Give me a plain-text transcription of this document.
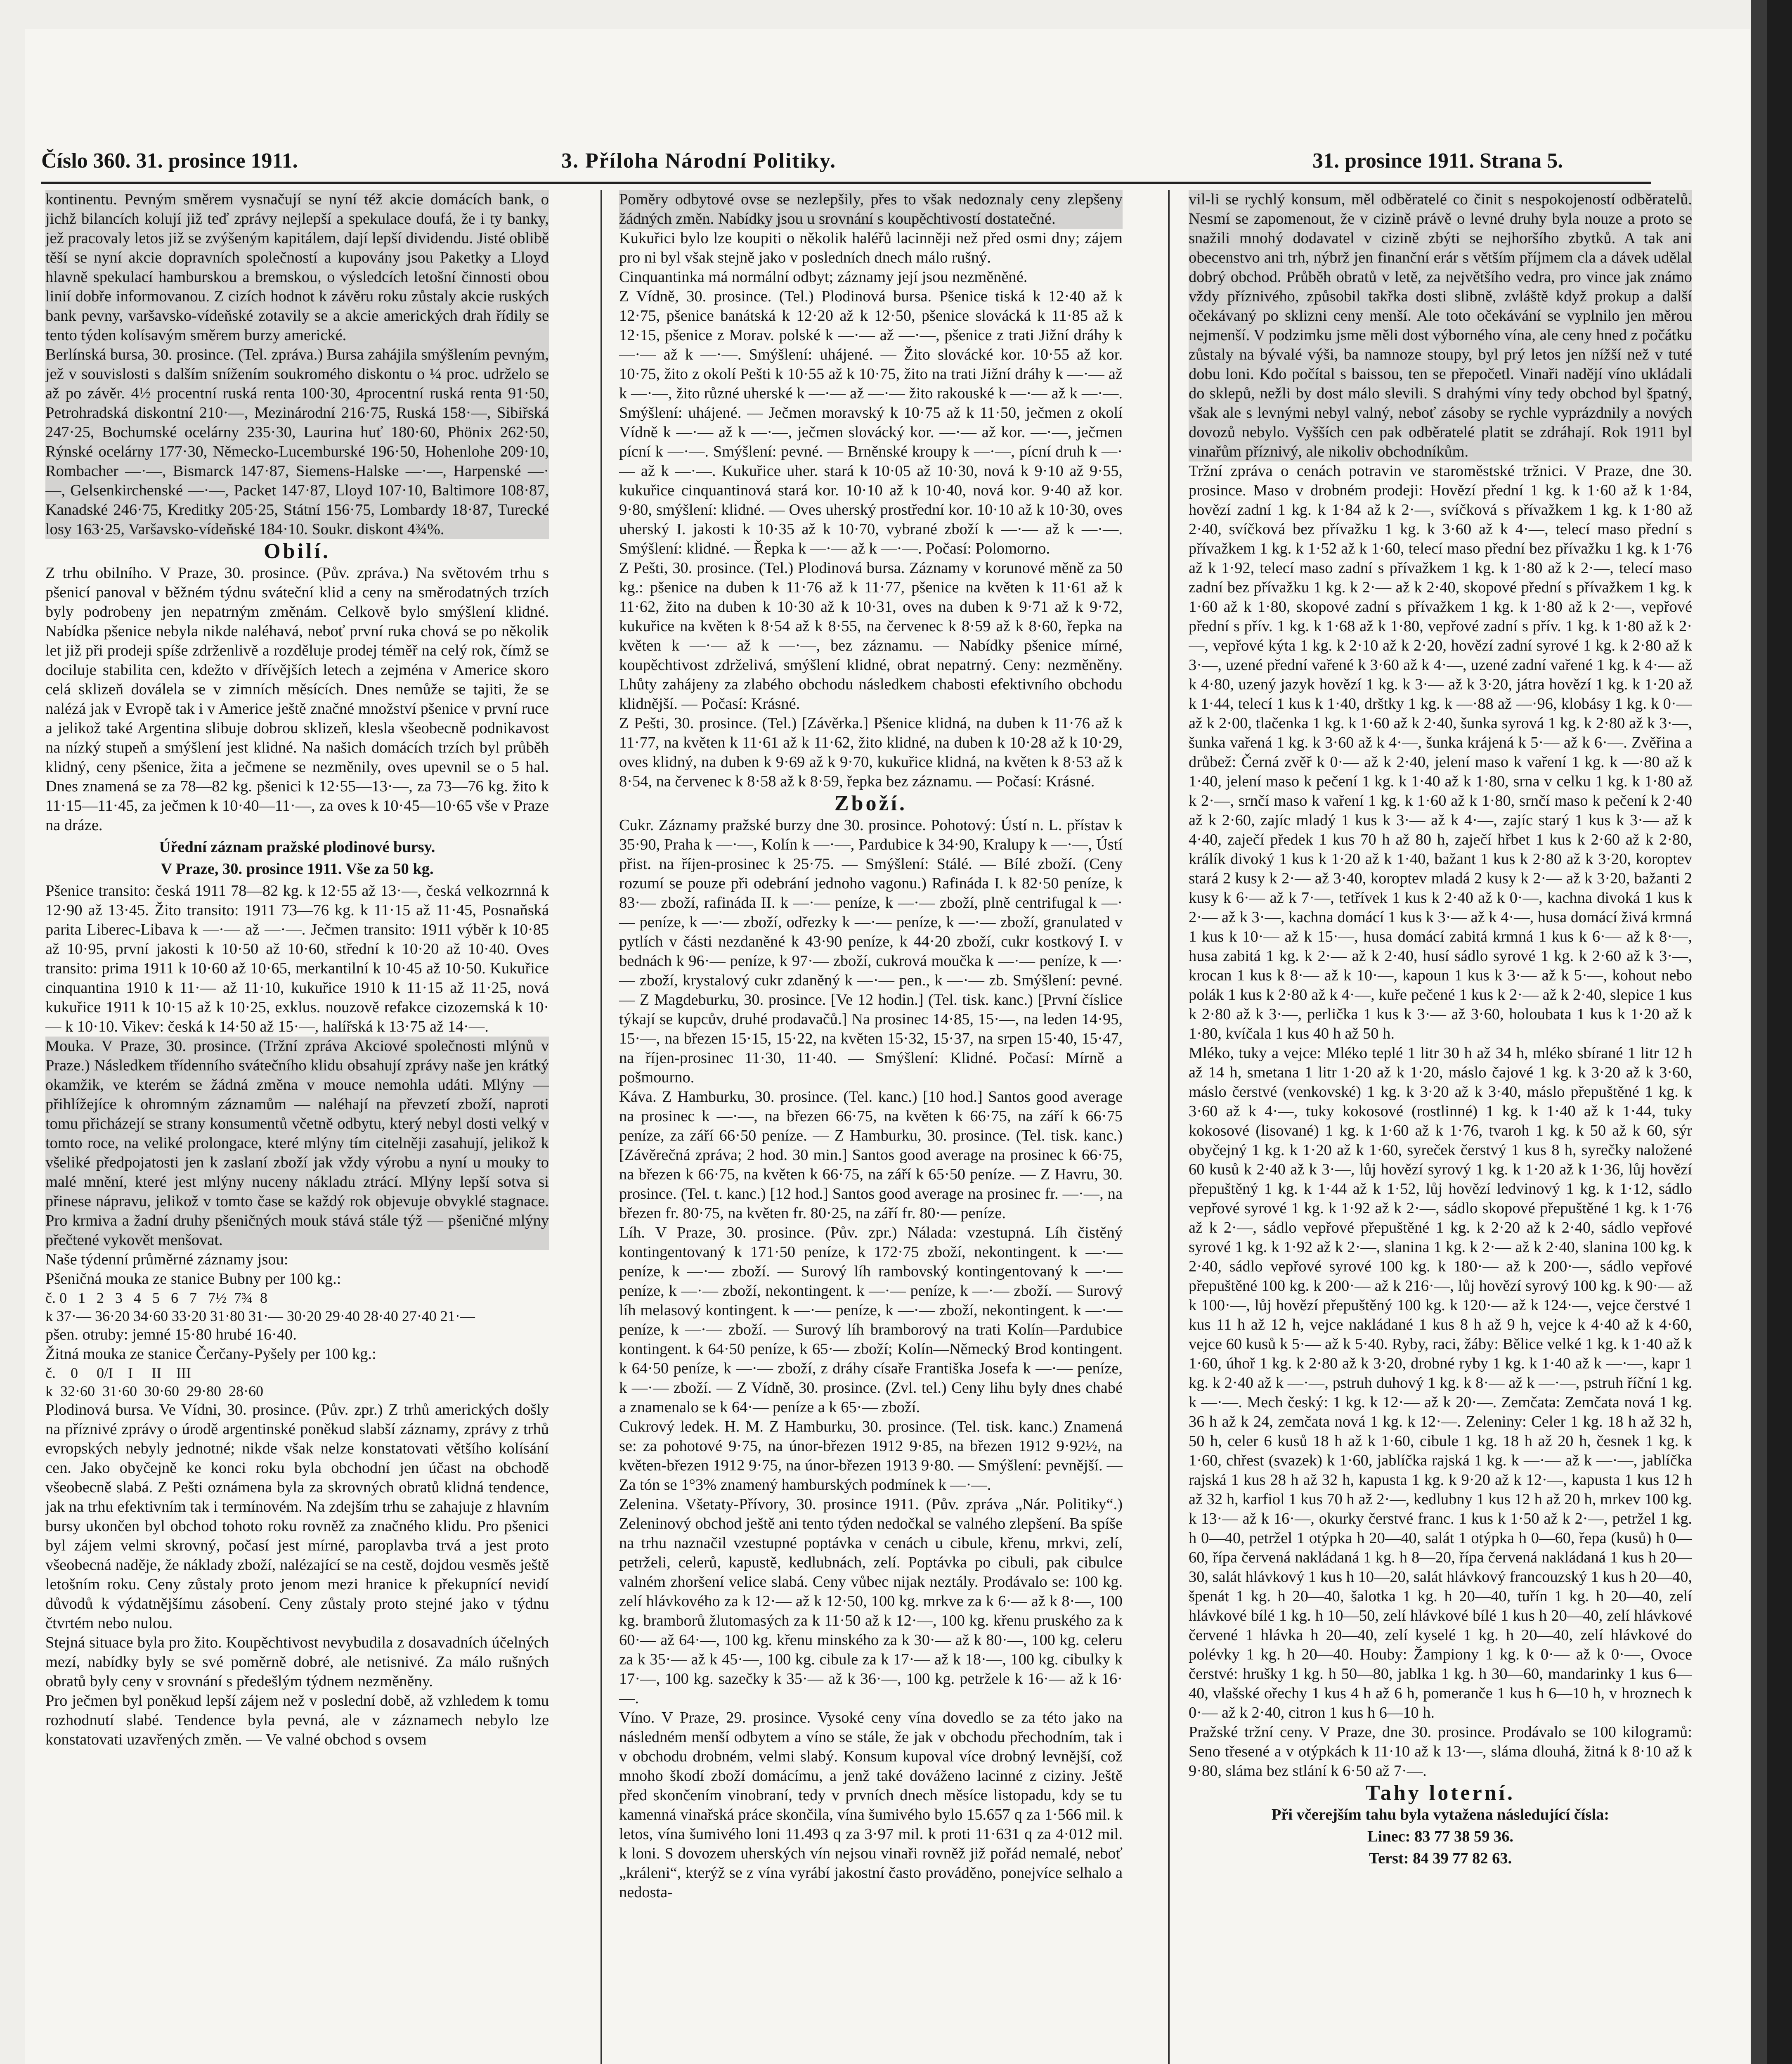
Číslo 360. 31. prosince 1911.	3. Příloha Národní Politiky.	31. prosince 1911. Strana 5.

kontinentu. Pevným směrem vysnačují se nyní též akcie domácích bank, o jichž bilancích kolují již teď zprávy nejlepší a spekulace doufá, že i ty banky, jež pracovaly letos již se zvýšeným kapitálem, dají lepší dividendu. Jisté oblibě těší se nyní akcie dopravních společností a kupovány jsou Paketky a Lloyd hlavně spekulací hamburskou a bremskou, o výsledcích letošní činnosti obou linií dobře informovanou. Z cizích hodnot k závěru roku zůstaly akcie ruských bank pevny, varšavsko-vídeňské zotavily se a akcie amerických drah řídily se tento týden kolísavým směrem burzy americké.

Berlínská bursa, 30. prosince. (Tel. zpráva.) Bursa zahájila smýšlením pevným, jež v souvislosti s dalším snížením soukromého diskontu o ¼ proc. udrželo se až po závěr. 4½ procentní ruská renta 100·30, 4procentní ruská renta 91·50, Petrohradská diskontní 210·—, Mezinárodní 216·75, Ruská 158·—, Sibiřská 247·25, Bochumské ocelárny 235·30, Laurina huť 180·60, Phönix 262·50, Rýnské ocelárny 177·30, Německo-Lucemburské 196·50, Hohenlohe 209·10, Rombacher —·—, Bismarck 147·87, Siemens-Halske —·—, Harpenské —·—, Gelsenkirchenské —·—, Packet 147·87, Lloyd 107·10, Baltimore 108·87, Kanadské 246·75, Kreditky 205·25, Státní 156·75, Lombardy 18·87, Turecké losy 163·25, Varšavsko-vídeňské 184·10. Soukr. diskont 4¾%.

Obilí.

Z trhu obilního. V Praze, 30. prosince. (Pův. zpráva.) Na světovém trhu s pšenicí panoval v běžném týdnu sváteční klid a ceny na směrodatných trzích byly podrobeny jen nepatrným změnám. Celkově bylo smýšlení klidné. Nabídka pšenice nebyla nikde naléhavá, neboť první ruka chová se po několik let již při prodeji spíše zdrženlivě a rozděluje prodej téměř na celý rok, čímž se dociluje stabilita cen, kdežto v dřívějších letech a zejména v Americe skoro celá sklizeň doválela se v zimních měsících. Dnes nemůže se tajiti, že se nalézá jak v Evropě tak i v Americe ještě značné množství pšenice v první ruce a jelikož také Argentina slibuje dobrou sklizeň, klesla všeobecně podnikavost na nízký stupeň a smýšlení jest klidné. Na našich domácích trzích byl průběh klidný, ceny pšenice, žita a ječmene se nezměnily, oves upevnil se o 5 hal. Dnes znamená se za 78—82 kg. pšenici k 12·55—13·—, za 73—76 kg. žito k 11·15—11·45, za ječmen k 10·40—11·—, za oves k 10·45—10·65 vše v Praze na dráze.

Úřední záznam pražské plodinové bursy.

V Praze, 30. prosince 1911. Vše za 50 kg.

Pšenice transito: česká 1911 78—82 kg. k 12·55 až 13·—, česká velkozrnná k 12·90 až 13·45. Žito transito: 1911 73—76 kg. k 11·15 až 11·45, Posnaňská parita Liberec-Libava k —·— až —·—. Ječmen transito: 1911 výběr k 10·85 až 10·95, první jakosti k 10·50 až 10·60, střední k 10·20 až 10·40. Oves transito: prima 1911 k 10·60 až 10·65, merkantilní k 10·45 až 10·50. Kukuřice cinquantina 1910 k 11·— až 11·10, kukuřice 1910 k 11·15 až 11·25, nová kukuřice 1911 k 10·15 až k 10·25, exklus. nouzově refakce cizozemská k 10·— k 10·10. Vikev: česká k 14·50 až 15·—, halířská k 13·75 až 14·—.

Mouka. V Praze, 30. prosince. (Tržní zpráva Akciové společnosti mlýnů v Praze.) Následkem třídenního svátečního klidu obsahují zprávy naše jen krátký okamžik, ve kterém se žádná změna v mouce nemohla udáti. Mlýny — přihlížejíce k ohromným záznamům — naléhají na převzetí zboží, naproti tomu přicházejí se strany konsumentů včetně odbytu, který nebyl dosti velký v tomto roce, na veliké prolongace, které mlýny tím citelněji zasahují, jelikož k všeliké předpojatosti jen k zaslaní zboží jak vždy výrobu a nyní u mouky to malé mnění, které jest mlýny nuceny nákladu ztrácí. Mlýny lepší sotva si přinese nápravu, jelikož v tomto čase se každý rok objevuje obvyklé stagnace. Pro krmiva a žadní druhy pšeničných mouk stává stále týž — pšeničné mlýny přečtené vykovět menšovat.

Naše týdenní průměrné záznamy jsou:

Pšeničná mouka ze stanice Bubny per 100 kg.:

č. 0   1   2   3   4   5   6   7   7½  7¾  8
k 37·— 36·20 34·60 33·20 31·80 31·— 30·20 29·40 28·40 27·40 21·—

pšen. otruby: jemné 15·80 hrubé 16·40.

Žitná mouka ze stanice Čerčany-Pyšely per 100 kg.:

č.    0     0/I    I     II    III
k  32·60  31·60  30·60  29·80  28·60

Plodinová bursa. Ve Vídni, 30. prosince. (Pův. zpr.) Z trhů amerických došly na příznivé zprávy o úrodě argentinské poněkud slabší záznamy, zprávy z trhů evropských nebyly jednotné; nikde však nelze konstatovati většího kolísání cen. Jako obyčejně ke konci roku byla obchodní jen účast na obchodě všeobecně slabá. Z Pešti oznámena byla za skrovných obratů klidná tendence, jak na trhu efektivním tak i termínovém. Na zdejším trhu se zahajuje z hlavním bursy ukončen byl obchod tohoto roku rovněž za značného klidu. Pro pšenici byl zájem velmi skrovný, počasí jest mírné, paroplavba trvá a jest proto všeobecná naděje, že náklady zboží, nalézající se na cestě, dojdou vesměs ještě letošním roku. Ceny zůstaly proto jenom mezi hranice k překupnící nevidí důvodů k výdatnějšímu zásobení. Ceny zůstaly proto stejné jako v týdnu čtvrtém nebo nulou.

Stejná situace byla pro žito. Koupěchtivost nevybudila z dosavadních účelných mezí, nabídky byly se své poměrně dobré, ale netisnivé. Za málo rušných obratů byly ceny v srovnání s předešlým týdnem nezměněny.

Pro ječmen byl poněkud lepší zájem než v poslední době, až vzhledem k tomu rozhodnutí slabé. Tendence byla pevná, ale v záznamech nebylo lze konstatovati uzavřených změn. — Ve valné obchod s ovsem

Poměry odbytové ovse se nezlepšily, přes to však nedoznaly ceny zlepšeny žádných změn. Nabídky jsou u srovnání s koupěchtivostí dostatečné.

Kukuřici bylo lze koupiti o několik haléřů lacinněji než před osmi dny; zájem pro ni byl však stejně jako v posledních dnech málo rušný.

Cinquantinka má normální odbyt; záznamy její jsou nezměněné.

Z Vídně, 30. prosince. (Tel.) Plodinová bursa. Pšenice tiská k 12·40 až k 12·75, pšenice banátská k 12·20 až k 12·50, pšenice slovácká k 11·85 až k 12·15, pšenice z Morav. polské k —·— až —·—, pšenice z trati Jižní dráhy k —·— až k —·—. Smýšlení: uhájené. — Žito slovácké kor. 10·55 až kor. 10·75, žito z okolí Pešti k 10·55 až k 10·75, žito na trati Jižní dráhy k —·— až k —·—, žito různé uherské k —·— až —·— žito rakouské k —·— až k —·—. Smýšlení: uhájené. — Ječmen moravský k 10·75 až k 11·50, ječmen z okolí Vídně k —·— až k —·—, ječmen slovácký kor. —·— až kor. —·—, ječmen pícní k —·—. Smýšlení: pevné. — Brněnské kroupy k —·—, pícní druh k —·— až k —·—. Kukuřice uher. stará k 10·05 až 10·30, nová k 9·10 až 9·55, kukuřice cinquantinová stará kor. 10·10 až k 10·40, nová kor. 9·40 až kor. 9·80, smýšlení: klidné. — Oves uherský prostřední kor. 10·10 až k 10·30, oves uherský I. jakosti k 10·35 až k 10·70, vybrané zboží k —·— až k —·—. Smýšlení: klidné. — Řepka k —·— až k —·—. Počasí: Polomorno.

Z Pešti, 30. prosince. (Tel.) Plodinová bursa. Záznamy v korunové měně za 50 kg.: pšenice na duben k 11·76 až k 11·77, pšenice na květen k 11·61 až k 11·62, žito na duben k 10·30 až k 10·31, oves na duben k 9·71 až k 9·72, kukuřice na květen k 8·54 až k 8·55, na červenec k 8·59 až k 8·60, řepka na květen k —·— až k —·—, bez záznamu. — Nabídky pšenice mírné, koupěchtivost zdrželivá, smýšlení klidné, obrat nepatrný. Ceny: nezměněny. Lhůty zahájeny za zlabého obchodu následkem chabosti efektivního obchodu klidnější. — Počasí: Krásné.

Z Pešti, 30. prosince. (Tel.) [Závěrka.] Pšenice klidná, na duben k 11·76 až k 11·77, na květen k 11·61 až k 11·62, žito klidné, na duben k 10·28 až k 10·29, oves klidný, na duben k 9·69 až k 9·70, kukuřice klidná, na květen k 8·53 až k 8·54, na červenec k 8·58 až k 8·59, řepka bez záznamu. — Počasí: Krásné.

Zboží.

Cukr. Záznamy pražské burzy dne 30. prosince. Pohotový: Ústí n. L. přístav k 35·90, Praha k —·—, Kolín k —·—, Pardubice k 34·90, Kralupy k —·—, Ústí přist. na říjen-prosinec k 25·75. — Smýšlení: Stálé. — Bílé zboží. (Ceny rozumí se pouze při odebrání jednoho vagonu.) Rafináda I. k 82·50 peníze, k 83·— zboží, rafináda II. k —·— peníze, k —·— zboží, plně centrifugal k —·— peníze, k —·— zboží, odřezky k —·— peníze, k —·— zboží, granulated v pytlích v části nezdaněné k 43·90 peníze, k 44·20 zboží, cukr kostkový I. v bednách k 96·— peníze, k 97·— zboží, cukrová moučka k —·— peníze, k —·— zboží, krystalový cukr zdaněný k —·— pen., k —·— zb. Smýšlení: pevné. — Z Magdeburku, 30. prosince. [Ve 12 hodin.] (Tel. tisk. kanc.) [První číslice týkají se kupcův, druhé prodavačů.] Na prosinec 14·85, 15·—, na leden 14·95, 15·—, na březen 15·15, 15·22, na květen 15·32, 15·37, na srpen 15·40, 15·47, na říjen-prosinec 11·30, 11·40. — Smýšlení: Klidné. Počasí: Mírně a pošmourno.

Káva. Z Hamburku, 30. prosince. (Tel. kanc.) [10 hod.] Santos good average na prosinec k —·—, na březen 66·75, na květen k 66·75, na září k 66·75 peníze, za září 66·50 peníze. — Z Hamburku, 30. prosince. (Tel. tisk. kanc.) [Závěrečná zpráva; 2 hod. 30 min.] Santos good average na prosinec k 66·75, na březen k 66·75, na květen k 66·75, na září k 65·50 peníze. — Z Havru, 30. prosince. (Tel. t. kanc.) [12 hod.] Santos good average na prosinec fr. —·—, na březen fr. 80·75, na květen fr. 80·25, na září fr. 80·— peníze.

Líh. V Praze, 30. prosince. (Pův. zpr.) Nálada: vzestupná. Líh čistěný kontingentovaný k 171·50 peníze, k 172·75 zboží, nekontingent. k —·— peníze, k —·— zboží. — Surový líh rambovský kontingentovaný k —·— peníze, k —·— zboží, nekontingent. k —·— peníze, k —·— zboží. — Surový líh melasový kontingent. k —·— peníze, k —·— zboží, nekontingent. k —·— peníze, k —·— zboží. — Surový líh bramborový na trati Kolín—Pardubice kontingent. k 64·50 peníze, k 65·— zboží; Kolín—Německý Brod kontingent. k 64·50 peníze, k —·— zboží, z dráhy císaře Františka Josefa k —·— peníze, k —·— zboží. — Z Vídně, 30. prosince. (Zvl. tel.) Ceny lihu byly dnes chabé a znamenalo se k 64·— peníze a k 65·— zboží.

Cukrový ledek. H. M. Z Hamburku, 30. prosince. (Tel. tisk. kanc.) Znamená se: za pohotové 9·75, na únor-březen 1912 9·85, na březen 1912 9·92½, na květen-březen 1912 9·75, na únor-březen 1913 9·80. — Smýšlení: pevnější. — Za tón se 1°3% znamený hamburských podmínek k —·—.

Zelenina. Všetaty-Přívory, 30. prosince 1911. (Pův. zpráva „Nár. Politiky“.) Zeleninový obchod ještě ani tento týden nedočkal se valného zlepšení. Ba spíše na trhu naznačil vzestupné poptávka v cenách u cibule, křenu, mrkvi, zelí, petrželi, celerů, kapustě, kedlubnách, zelí. Poptávka po cibuli, pak cibulce valném zhoršení velice slabá. Ceny vůbec nijak neztály. Prodávalo se: 100 kg. zelí hlávkového za k 12·— až k 12·50, 100 kg. mrkve za k 6·— až k 8·—, 100 kg. bramborů žlutomasých za k 11·50 až k 12·—, 100 kg. křenu pruského za k 60·— až 64·—, 100 kg. křenu minského za k 30·— až k 80·—, 100 kg. celeru za k 35·— až k 45·—, 100 kg. cibule za k 17·— až k 18·—, 100 kg. cibulky k 17·—, 100 kg. sazečky k 35·— až k 36·—, 100 kg. petržele k 16·— až k 16·—.

Víno. V Praze, 29. prosince. Vysoké ceny vína dovedlo se za této jako na následném menší odbytem a víno se stále, že jak v obchodu přechodním, tak i v obchodu drobném, velmi slabý. Konsum kupoval více drobný levnější, což mnoho škodí zboží domácímu, a jenž také dováženo lacinné z ciziny. Ještě před skončením vinobraní, tedy v prvních dnech měsíce listopadu, kdy se tu kamenná vinařská práce skončila, vína šumivého bylo 15.657 q za 1·566 mil. k letos, vína šumivého loni 11.493 q za 3·97 mil. k proti 11·631 q za 4·012 mil. k loni. S dovozem uherských vín nejsou vinaři rovněž již pořád nemalé, neboť „králeni“, kterýž se z vína vyrábí jakostní často prováděno, ponejvíce selhalo a nedosta-

vil-li se rychlý konsum, měl odběratelé co činit s nespokojeností odběratelů. Nesmí se zapomenout, že v cizině právě o levné druhy byla nouze a proto se snažili mnohý dodavatel v cizině zbýti se nejhoršího zbytků. A tak ani obecenstvo ani trh, nýbrž jen finanční erár s větším příjmem cla a dávek udělal dobrý obchod. Průběh obratů v letě, za největšího vedra, pro vince jak známo vždy příznivého, způsobil takřka dosti slibně, zvláště když prokup a další očekávaný po sklizni ceny menší. Ale toto očekávání se vyplnilo jen měrou nejmenší. V podzimku jsme měli dost výborného vína, ale ceny hned z počátku zůstaly na bývalé výši, ba namnoze stoupy, byl prý letos jen nížší než v tuté dobu loni. Kdo počítal s baissou, ten se přepočetl. Vinaři nadějí víno ukládali do sklepů, nežli by dost málo slevili. S drahými víny tedy obchod byl špatný, však ale s levnými nebyl valný, neboť zásoby se rychle vyprázdnily a nových dovozů nebylo. Vyšších cen pak odběratelé platit se zdráhají. Rok 1911 byl vinařům příznivý, ale nikoliv obchodníkům.

Tržní zpráva o cenách potravin ve staroměstské tržnici. V Praze, dne 30. prosince. Maso v drobném prodeji: Hovězí přední 1 kg. k 1·60 až k 1·84, hovězí zadní 1 kg. k 1·84 až k 2·—, svíčková s přívažkem 1 kg. k 1·80 až 2·40, svíčková bez přívažku 1 kg. k 3·60 až k 4·—, telecí maso přední s přívažkem 1 kg. k 1·52 až k 1·60, telecí maso přední bez přívažku 1 kg. k 1·76 až k 1·92, telecí maso zadní s přívažkem 1 kg. k 1·80 až k 2·—, telecí maso zadní bez přívažku 1 kg. k 2·— až k 2·40, skopové přední s přívažkem 1 kg. k 1·60 až k 1·80, skopové zadní s přívažkem 1 kg. k 1·80 až k 2·—, vepřové přední s přív. 1 kg. k 1·68 až k 1·80, vepřové zadní s přív. 1 kg. k 1·80 až k 2·—, vepřové kýta 1 kg. k 2·10 až k 2·20, hovězí zadní syrové 1 kg. k 2·80 až k 3·—, uzené přední vařené k 3·60 až k 4·—, uzené zadní vařené 1 kg. k 4·— až k 4·80, uzený jazyk hovězí 1 kg. k 3·— až k 3·20, játra hovězí 1 kg. k 1·20 až k 1·44, telecí 1 kus k 1·40, drštky 1 kg. k —·88 až —·96, klobásy 1 kg. k 0·— až k 2·00, tlačenka 1 kg. k 1·60 až k 2·40, šunka syrová 1 kg. k 2·80 až k 3·—, šunka vařená 1 kg. k 3·60 až k 4·—, šunka krájená k 5·— až k 6·—. Zvěřina a drůbež: Černá zvěř k 0·— až k 2·40, jelení maso k vaření 1 kg. k —·80 až k 1·40, jelení maso k pečení 1 kg. k 1·40 až k 1·80, srna v celku 1 kg. k 1·80 až k 2·—, srnčí maso k vaření 1 kg. k 1·60 až k 1·80, srnčí maso k pečení k 2·40 až k 2·60, zajíc mladý 1 kus k 3·— až k 4·—, zajíc starý 1 kus k 3·— až k 4·40, zaječí předek 1 kus 70 h až 80 h, zaječí hřbet 1 kus k 2·60 až k 2·80, králík divoký 1 kus k 1·20 až k 1·40, bažant 1 kus k 2·80 až k 3·20, koroptev stará 2 kusy k 2·— až 3·40, koroptev mladá 2 kusy k 2·— až k 3·20, bažanti 2 kusy k 6·— až k 7·—, tetřívek 1 kus k 2·40 až k 0·—, kachna divoká 1 kus k 2·— až k 3·—, kachna domácí 1 kus k 3·— až k 4·—, husa domácí živá krmná 1 kus k 10·— až k 15·—, husa domácí zabitá krmná 1 kus k 6·— až k 8·—, husa zabitá 1 kg. k 2·— až k 2·40, husí sádlo syrové 1 kg. k 2·60 až k 3·—, krocan 1 kus k 8·— až k 10·—, kapoun 1 kus k 3·— až k 5·—, kohout nebo polák 1 kus k 2·80 až k 4·—, kuře pečené 1 kus k 2·— až k 2·40, slepice 1 kus k 2·80 až k 3·—, perlička 1 kus k 3·— až 3·60, holoubata 1 kus k 1·20 až k 1·80, kvíčala 1 kus 40 h až 50 h.

Mléko, tuky a vejce: Mléko teplé 1 litr 30 h až 34 h, mléko sbírané 1 litr 12 h až 14 h, smetana 1 litr 1·20 až k 1·20, máslo čajové 1 kg. k 3·20 až k 3·60, máslo čerstvé (venkovské) 1 kg. k 3·20 až k 3·40, máslo přepuštěné 1 kg. k 3·60 až k 4·—, tuky kokosové (rostlinné) 1 kg. k 1·40 až k 1·44, tuky kokosové (lisované) 1 kg. k 1·60 až k 1·76, tvaroh 1 kg. k 50 až k 60, sýr obyčejný 1 kg. k 1·20 až k 1·60, syreček čerstvý 1 kus 8 h, syrečky naložené 60 kusů k 2·40 až k 3·—, lůj hovězí syrový 1 kg. k 1·20 až k 1·36, lůj hovězí přepuštěný 1 kg. k 1·44 až k 1·52, lůj hovězí ledvinový 1 kg. k 1·12, sádlo vepřové syrové 1 kg. k 1·92 až k 2·—, sádlo skopové přepuštěné 1 kg. k 1·76 až k 2·—, sádlo vepřové přepuštěné 1 kg. k 2·20 až k 2·40, sádlo vepřové syrové 1 kg. k 1·92 až k 2·—, slanina 1 kg. k 2·— až k 2·40, slanina 100 kg. k 2·40, sádlo vepřové syrové 100 kg. k 180·— až k 200·—, sádlo vepřové přepuštěné 100 kg. k 200·— až k 216·—, lůj hovězí syrový 100 kg. k 90·— až k 100·—, lůj hovězí přepuštěný 100 kg. k 120·— až k 124·—, vejce čerstvé 1 kus 11 h až 12 h, vejce nakládané 1 kus 8 h až 9 h, vejce k 4·40 až k 4·60, vejce 60 kusů k 5·— až k 5·40. Ryby, raci, žáby: Bělice velké 1 kg. k 1·40 až k 1·60, úhoř 1 kg. k 2·80 až k 3·20, drobné ryby 1 kg. k 1·40 až k —·—, kapr 1 kg. k 2·40 až k —·—, pstruh duhový 1 kg. k 8·— až k —·—, pstruh říční 1 kg. k —·—. Mech český: 1 kg. k 12·— až k 20·—. Zemčata: Zemčata nová 1 kg. 36 h až k 24, zemčata nová 1 kg. k 12·—. Zeleniny: Celer 1 kg. 18 h až 32 h, 50 h, celer 6 kusů 18 h až k 1·60, cibule 1 kg. 18 h až 20 h, česnek 1 kg. k 1·60, chřest (svazek) k 1·60, jablíčka rajská 1 kg. k —·— až k —·—, jablíčka rajská 1 kus 28 h až 32 h, kapusta 1 kg. k 9·20 až k 12·—, kapusta 1 kus 12 h až 32 h, karfiol 1 kus 70 h až 2·—, kedlubny 1 kus 12 h až 20 h, mrkev 100 kg. k 13·— až k 16·—, okurky čerstvé franc. 1 kus k 1·50 až k 2·—, petržel 1 kg. h 0—40, petržel 1 otýpka h 20—40, salát 1 otýpka h 0—60, řepa (kusů) h 0—60, řípa červená nakládaná 1 kg. h 8—20, řípa červená nakládaná 1 kus h 20—30, salát hlávkový 1 kus h 10—20, salát hlávkový francouzský 1 kus h 20—40, špenát 1 kg. h 20—40, šalotka 1 kg. h 20—40, tuřín 1 kg. h 20—40, zelí hlávkové bílé 1 kg. h 10—50, zelí hlávkové bílé 1 kus h 20—40, zelí hlávkové červené 1 hlávka h 20—40, zelí kyselé 1 kg. h 20—40, zelí hlávkové do polévky 1 kg. h 20—40. Houby: Žampiony 1 kg. k 0·— až k 0·—, Ovoce čerstvé: hrušky 1 kg. h 50—80, jablka 1 kg. h 30—60, mandarinky 1 kus 6—40, vlašské ořechy 1 kus 4 h až 6 h, pomeranče 1 kus h 6—10 h, v hroznech k 0·— až k 2·40, citron 1 kus h 6—10 h.

Pražské tržní ceny. V Praze, dne 30. prosince. Prodávalo se 100 kilogramů: Seno třesené a v otýpkách k 11·10 až k 13·—, sláma dlouhá, žitná k 8·10 až k 9·80, sláma bez stlání k 6·50 až 7·—.

Tahy loterní.

Při včerejším tahu byla vytažena následující čísla:

Linec: 83 77 38 59 36.

Terst: 84 39 77 82 63.
